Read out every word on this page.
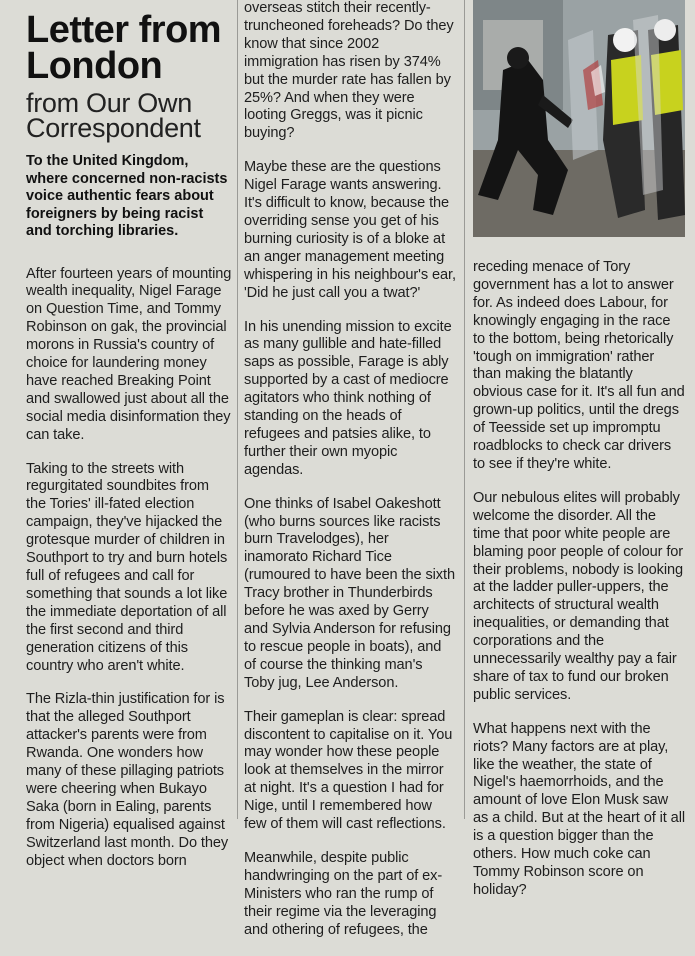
Letter from
London
from Our Own
Correspondent
To the United Kingdom, where concerned non-racists voice authentic fears about foreigners by being racist and torching libraries.

After fourteen years of mounting wealth inequality, Nigel Farage on Question Time, and Tommy Robinson on gak, the provincial morons in Russia's country of choice for laundering money have reached Breaking Point and swallowed just about all the social media disinformation they can take.

Taking to the streets with regurgitated soundbites from the Tories' ill-fated election campaign, they've hijacked the grotesque murder of children in Southport to try and burn hotels full of refugees and call for something that sounds a lot like the immediate deportation of all the first second and third generation citizens of this country who aren't white.

The Rizla-thin justification for is that the alleged Southport attacker's parents were from Rwanda. One wonders how many of these pillaging patriots were cheering when Bukayo Saka (born in Ealing, parents from Nigeria) equalised against Switzerland last month. Do they object when doctors born

overseas stitch their recently-truncheoned foreheads? Do they know that since 2002 immigration has risen by 374% but the murder rate has fallen by 25%? And when they were looting Greggs, was it picnic buying?

Maybe these are the questions Nigel Farage wants answering. It's difficult to know, because the overriding sense you get of his burning curiosity is of a bloke at an anger management meeting whispering in his neighbour's ear, 'Did he just call you a twat?'

In his unending mission to excite as many gullible and hate-filled saps as possible, Farage is ably supported by a cast of mediocre agitators who think nothing of standing on the heads of refugees and patsies alike, to further their own myopic agendas.

One thinks of Isabel Oakeshott (who burns sources like racists burn Travelodges), her inamorato Richard Tice (rumoured to have been the sixth Tracy brother in Thunderbirds before he was axed by Gerry and Sylvia Anderson for refusing to rescue people in boats), and of course the thinking man's Toby jug, Lee Anderson.

Their gameplan is clear: spread discontent to capitalise on it. You may wonder how these people look at themselves in the mirror at night. It's a question I had for Nige, until I remembered how few of them will cast reflections.

Meanwhile, despite public handwringing on the part of ex-Ministers who ran the rump of their regime via the leveraging and othering of refugees, the

receding menace of Tory government has a lot to answer for. As indeed does Labour, for knowingly engaging in the race to the bottom, being rhetorically 'tough on immigration' rather than making the blatantly obvious case for it. It's all fun and grown-up politics, until the dregs of Teesside set up impromptu roadblocks to check car drivers to see if they're white.

Our nebulous elites will probably welcome the disorder. All the time that poor white people are blaming poor people of colour for their problems, nobody is looking at the ladder puller-uppers, the architects of structural wealth inequalities, or demanding that corporations and the unnecessarily wealthy pay a fair share of tax to fund our broken public services.

What happens next with the riots? Many factors are at play, like the weather, the state of Nigel's haemorrhoids, and the amount of love Elon Musk saw as a child. But at the heart of it all is a question bigger than the others. How much coke can Tommy Robinson score on holiday?
